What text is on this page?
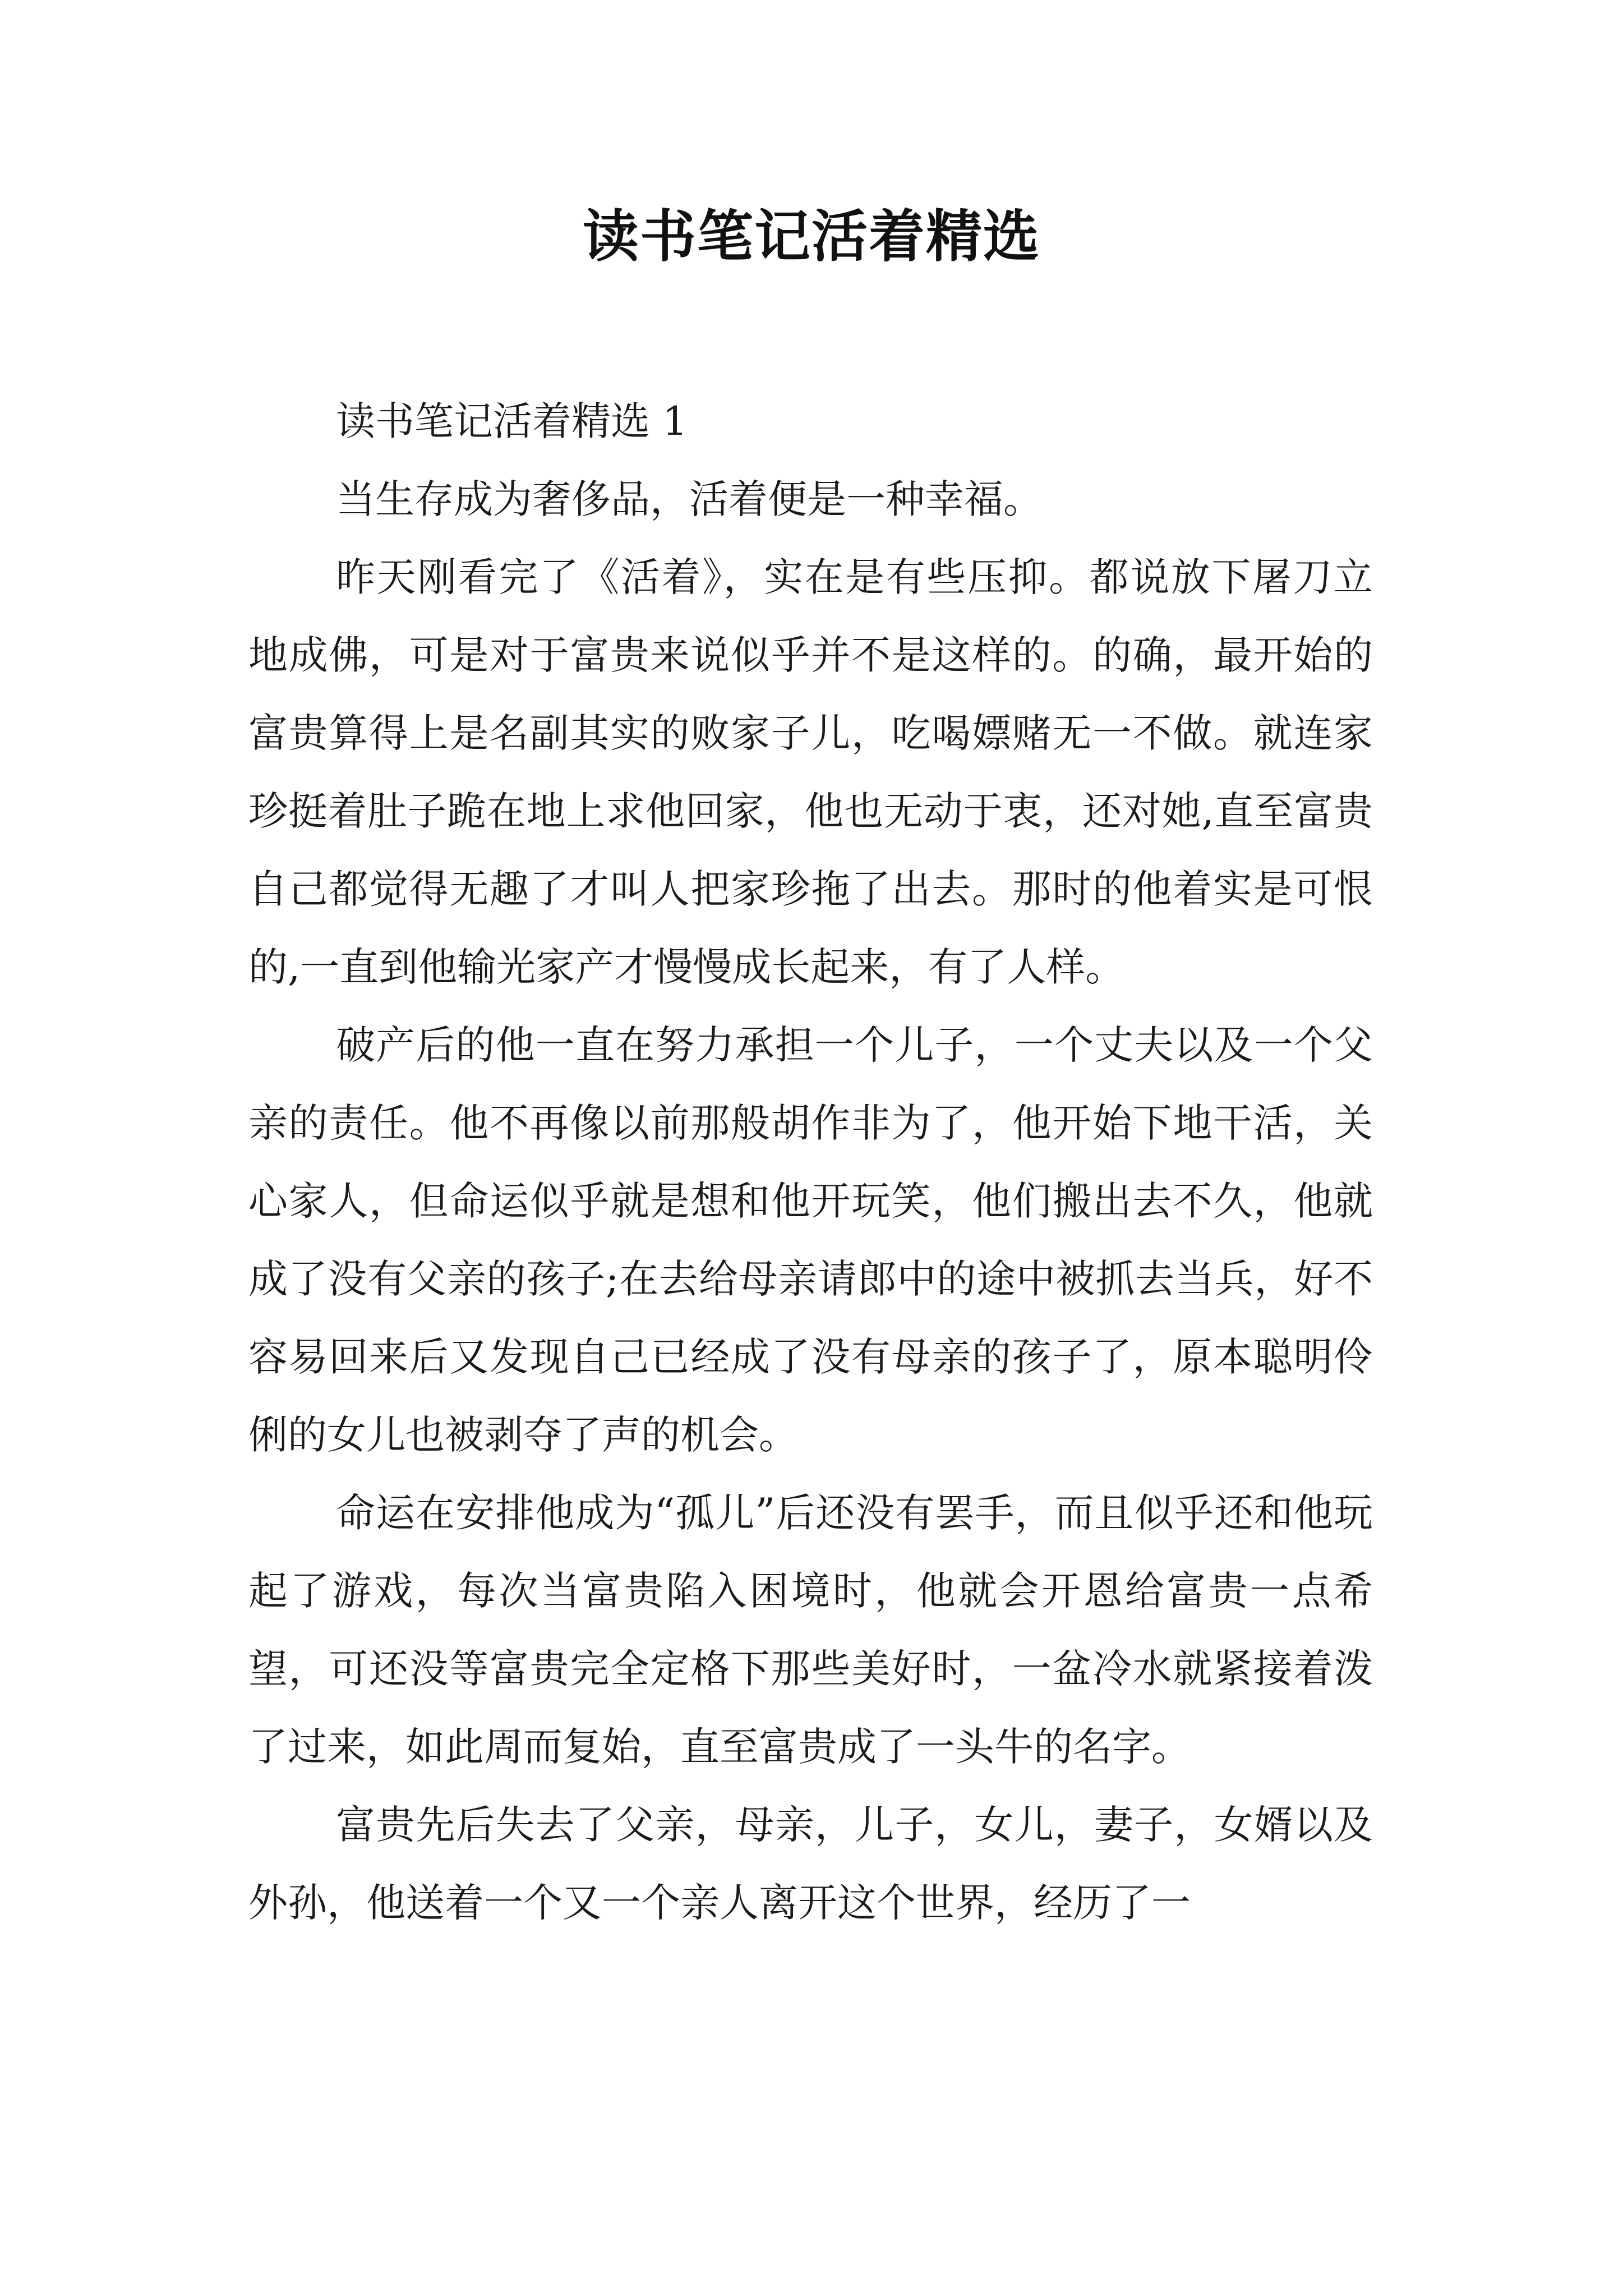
读书笔记活着精选

读书笔记活着精选 1

当生存成为奢侈品，活着便是一种幸福。

昨天刚看完了《活着》，实在是有些压抑。都说放下屠刀立地成佛，可是对于富贵来说似乎并不是这样的。的确，最开始的富贵算得上是名副其实的败家子儿，吃喝嫖赌无一不做。就连家珍挺着肚子跪在地上求他回家，他也无动于衷，还对她,直至富贵自己都觉得无趣了才叫人把家珍拖了出去。那时的他着实是可恨的,一直到他输光家产才慢慢成长起来，有了人样。

破产后的他一直在努力承担一个儿子，一个丈夫以及一个父亲的责任。他不再像以前那般胡作非为了，他开始下地干活，关心家人，但命运似乎就是想和他开玩笑，他们搬出去不久，他就成了没有父亲的孩子;在去给母亲请郎中的途中被抓去当兵，好不容易回来后又发现自己已经成了没有母亲的孩子了，原本聪明伶俐的女儿也被剥夺了声的机会。

命运在安排他成为“孤儿”后还没有罢手，而且似乎还和他玩起了游戏，每次当富贵陷入困境时，他就会开恩给富贵一点希望，可还没等富贵完全定格下那些美好时，一盆冷水就紧接着泼了过来，如此周而复始，直至富贵成了一头牛的名字。

富贵先后失去了父亲，母亲，儿子，女儿，妻子，女婿以及外孙，他送着一个又一个亲人离开这个世界，经历了一
